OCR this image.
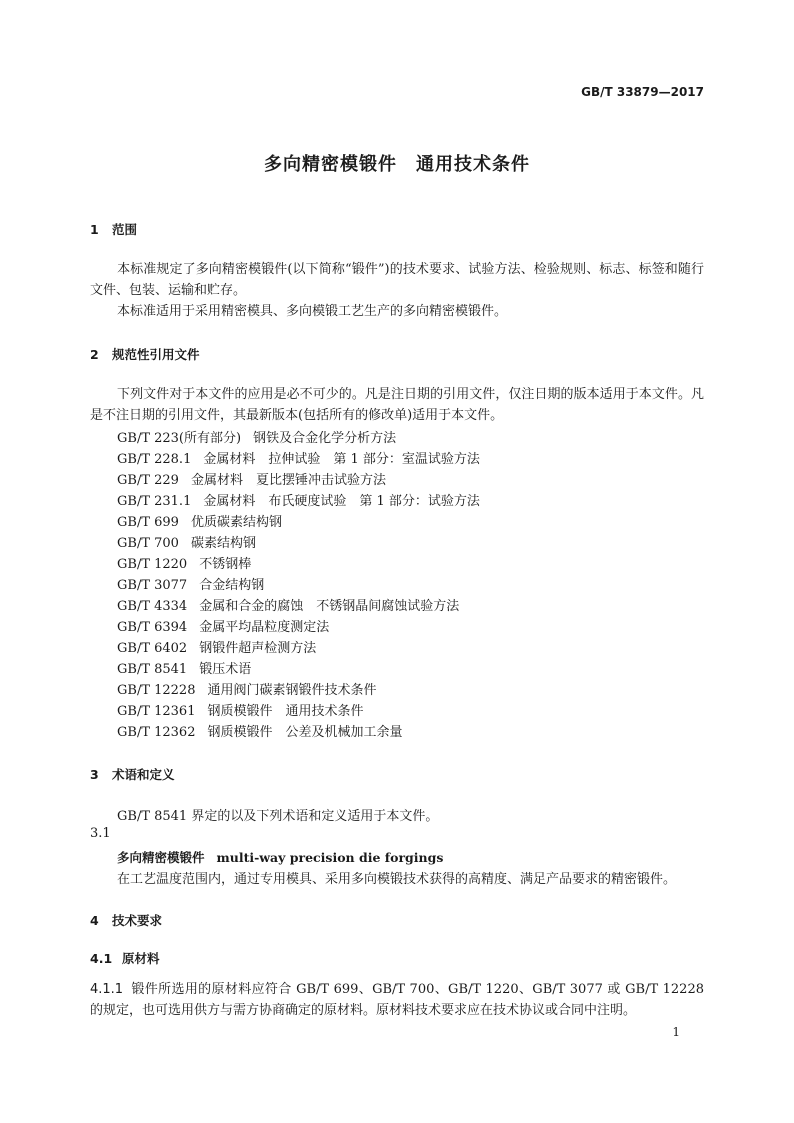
GB/T 33879—2017
多向精密模锻件　通用技术条件
1 范围
本标准规定了多向精密模锻件(以下简称“锻件”)的技术要求、试验方法、检验规则、标志、标签和随行文件、包装、运输和贮存。
本标准适用于采用精密模具、多向模锻工艺生产的多向精密模锻件。
2 规范性引用文件
下列文件对于本文件的应用是必不可少的。凡是注日期的引用文件，仅注日期的版本适用于本文件。凡是不注日期的引用文件，其最新版本(包括所有的修改单)适用于本文件。
GB/T 223(所有部分) 钢铁及合金化学分析方法
GB/T 228.1 金属材料　拉伸试验　第 1 部分：室温试验方法
GB/T 229 金属材料　夏比摆锤冲击试验方法
GB/T 231.1 金属材料　布氏硬度试验　第 1 部分：试验方法
GB/T 699 优质碳素结构钢
GB/T 700 碳素结构钢
GB/T 1220 不锈钢棒
GB/T 3077 合金结构钢
GB/T 4334 金属和合金的腐蚀　不锈钢晶间腐蚀试验方法
GB/T 6394 金属平均晶粒度测定法
GB/T 6402 钢锻件超声检测方法
GB/T 8541 锻压术语
GB/T 12228 通用阀门碳素钢锻件技术条件
GB/T 12361 钢质模锻件　通用技术条件
GB/T 12362 钢质模锻件　公差及机械加工余量
3 术语和定义
GB/T 8541 界定的以及下列术语和定义适用于本文件。
3.1
多向精密模锻件 multi-way precision die forgings
在工艺温度范围内，通过专用模具、采用多向模锻技术获得的高精度、满足产品要求的精密锻件。
4 技术要求
4.1 原材料
4.1.1 锻件所选用的原材料应符合 GB/T 699、GB/T 700、GB/T 1220、GB/T 3077 或 GB/T 12228 的规定，也可选用供方与需方协商确定的原材料。原材料技术要求应在技术协议或合同中注明。
1
